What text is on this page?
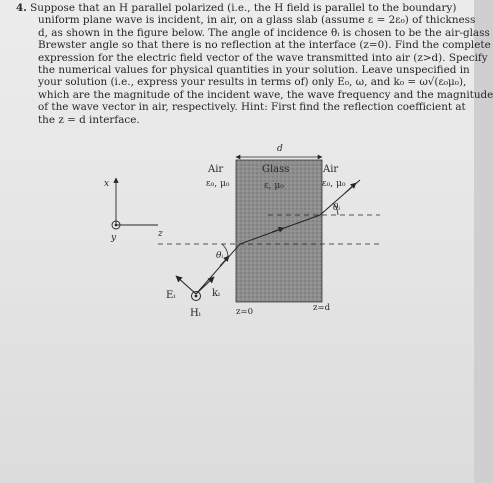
4. Suppose that an H parallel polarized (i.e., the H field is parallel to the boundary)
uniform plane wave is incident, in air, on a glass slab (assume ε = 2ε₀) of thickness
d, as shown in the figure below. The angle of incidence θᵢ is chosen to be the air-glass
Brewster angle so that there is no reflection at the interface (z=0). Find the complete
expression for the electric field vector of the wave transmitted into air (z>d). Specify
the numerical values for physical quantities in your solution. Leave unspecified in
your solution (i.e., express your results in terms of) only E₀, ω, and k₀ = ω√(ε₀μ₀),
which are the magnitude of the incident wave, the wave frequency and the magnitude
of the wave vector in air, respectively. Hint: First find the reflection coefficient at
the z = d interface.
d
Air
ε₀, μ₀
Glass
ε, μ₀
Air
ε₀, μ₀
x
y	z
θᵢ
θᵢ
Eᵢ	kᵢ
Hᵢ	z=0	z=d
